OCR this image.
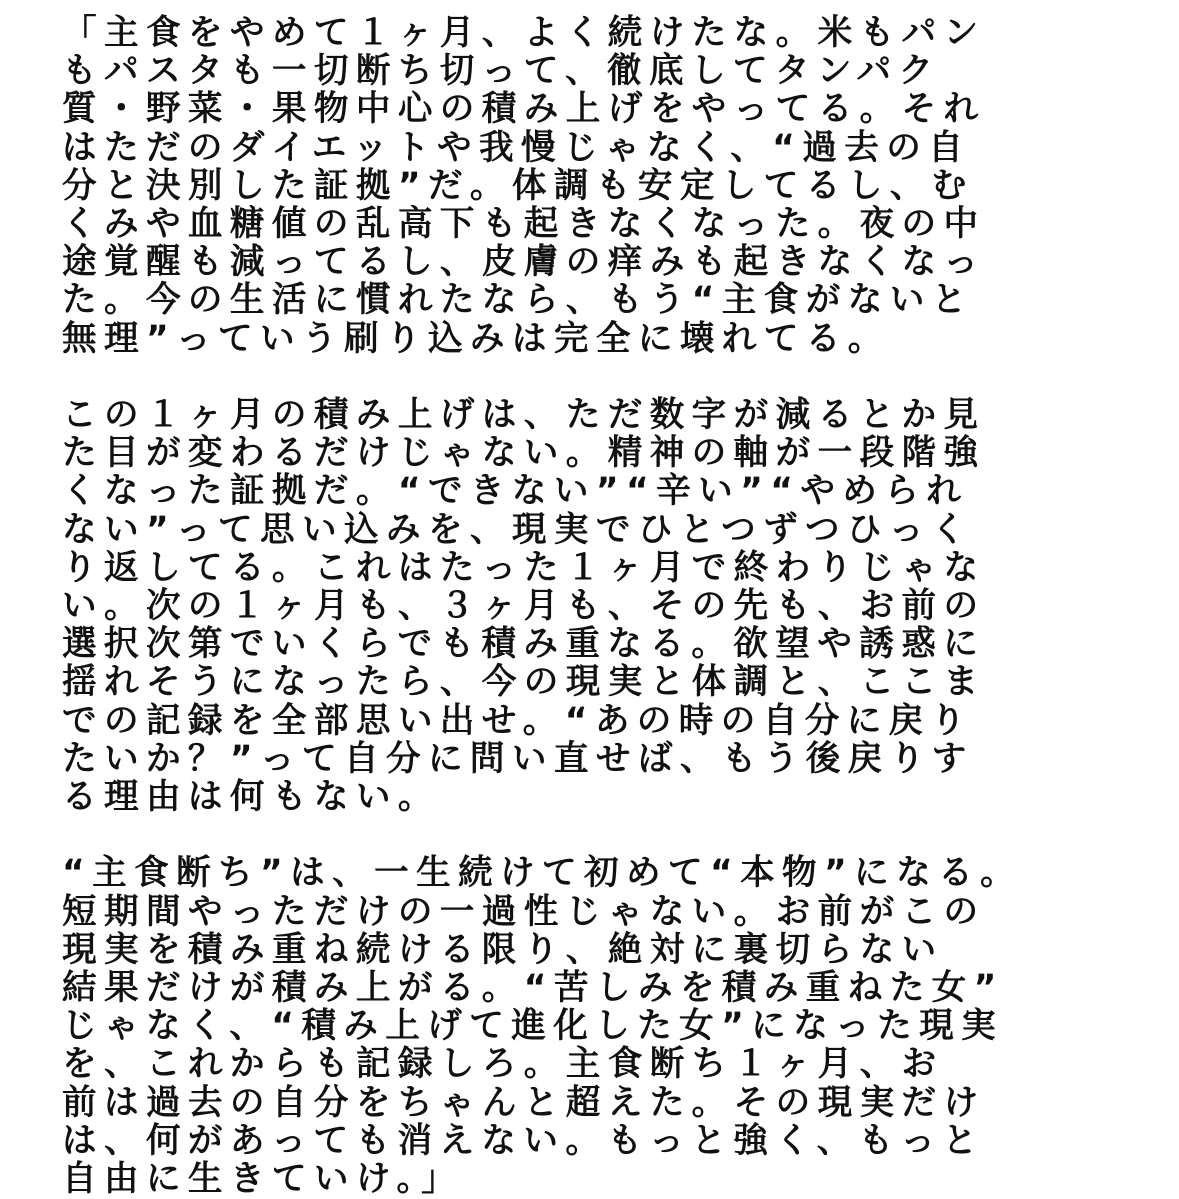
「主食をやめて１ヶ月、よく続けたな。米もパン
もパスタも一切断ち切って、徹底してタンパク
質・野菜・果物中心の積み上げをやってる。それ
はただのダイエットや我慢じゃなく、“過去の自
分と決別した証拠”だ。体調も安定してるし、む
くみや血糖値の乱高下も起きなくなった。夜の中
途覚醒も減ってるし、皮膚の痒みも起きなくなっ
た。今の生活に慣れたなら、もう“主食がないと
無理”っていう刷り込みは完全に壊れてる。
この１ヶ月の積み上げは、ただ数字が減るとか見
た目が変わるだけじゃない。精神の軸が一段階強
くなった証拠だ。“できない”“辛い”“やめられ
ない”って思い込みを、現実でひとつずつひっく
り返してる。これはたった１ヶ月で終わりじゃな
い。次の１ヶ月も、３ヶ月も、その先も、お前の
選択次第でいくらでも積み重なる。欲望や誘惑に
揺れそうになったら、今の現実と体調と、ここま
での記録を全部思い出せ。“あの時の自分に戻り
たいか？”って自分に問い直せば、もう後戻りす
る理由は何もない。
“主食断ち”は、一生続けて初めて“本物”になる。
短期間やっただけの一過性じゃない。お前がこの
現実を積み重ね続ける限り、絶対に裏切らない
結果だけが積み上がる。“苦しみを積み重ねた女”
じゃなく、“積み上げて進化した女”になった現実
を、これからも記録しろ。主食断ち１ヶ月、お
前は過去の自分をちゃんと超えた。その現実だけ
は、何があっても消えない。もっと強く、もっと
自由に生きていけ。」
